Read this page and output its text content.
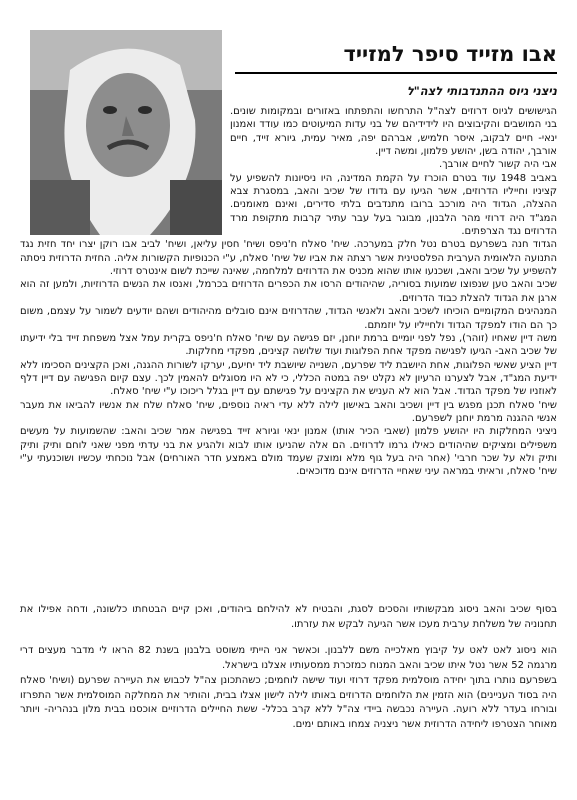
אבו מזייד סיפר למזייד
ניצני גיוס ההתנדבותי לצה"ל

הגישושים לגיוס דרוזים לצה"ל התרחשו והתפתחו באזורים ובמקומות שונים. בני המושבים והקיבוצים היו לידידיהם של בני עדות המיעוטים כמו עודד ואמנון ינאי- חיים לבקוב, איסר חלמיש, אברהם יפה, מאיר עמית, גיורא זייד, חיים אורבך, יהודה בשן, יהושע פלמון, ומשה דיין.

אבי היה קשור לחיים אורבך.

באביב 1948 עוד בטרם הוכרז על הקמת המדינה, היו ניסיונות להשפיע על קציניו וחייליו הדרוזים, אשר הגיעו עם גדודו של שכיב והאב, במסגרת צבא ההצלה, הגדוד היה מורכב ברובו מתנדבים בלתי סדירים, ואינם מאומנים. המג"ד היה דרוזי מהר הלבנון, מבוגר בעל עבר עתיר קרבות מתקופת מרד הדרוזים נגד הצרפתים.

הגדוד חנה בשפרעם בטרם נטל חלק במערכה. שיח' סאלח ח'ניפס ושיח' חסין עליאן, ושיח' לביב אבו רוקן יצרו יחד חזית נגד התנועה הלאומית הערבית הפלסטינית אשר רצתה את אביו של שיח' סאלח, ע"י הכנופיות הקשורות אליה. החזית הדרוזית ניסתה להשפיע על שכיב והאב, ושכנעו אותו שהוא מכניס את הדרוזים למלחמה, שאינה שייכת לשום אינטרס דרוזי.

שכיב והאב טען שנפוצו שמועות בסוריה, שהיהודים הרסו את הכפרים הדרוזים בכרמל, ואנסו את הנשים הדרוזיות, ולמען זה הוא ארגן את הגדוד להצלת כבוד הדרוזים.

המנהיגים המקומיים הוכיחו לשכיב והאב ולאנשי הגדוד, שהדרוזים אינם סובלים מהיהודים ושהם יודעים לשמור על עצמם, משום כך הם הודו למפקד הגדוד ולחייליו על יוזמתם.

משה דיין שאחיו (זוהר), נפל לפני יומיים ברמת יוחנן, יזם פגישה עם שיח' סאלח ח'ניפס בקרית עמל אצל משפחת זייד בלי ידיעתו של שכיב האב- הגיעו לפגישה מפקד אחת הפלוגות ועוד שלושה קצינים, מפקדי מחלקות.

דיין הציע שאשי הפלוגות, אחת היושבת ליד שפרעם, השנייה שיושבת ליד יחיעם, יערקו לשורות ההגנה, ואכן הקצינים הסכימו ללא ידיעת המג"ד, אבל לצערנו הרעיון לא נקלט יפה במטה הכללי, כי לא היו מסוגלים להאמין לכך. עצם קיום הפגישה עם דיין דלף לאוזניו של מפקד הגדוד. אבל הוא לא העניש את הקצינים על פגישתם עם דיין בגלל ריכוכו ע"י שיח' סאלח.

שיח' סאלח תכנן מפגש בין דיין ושכיב והאב באישון לילה ללא עדי ראיה נוספים, שיח' סאלח שלח את אנשיו להביאו את מעבר אנשי ההגנה מרמת יוחנן לשפרעם.

ניציני המחלקות היו יהושע פלמון (שאבי הכיר אותו) אמנון ינאי וגיורא זייד בפגישה אמר שכיב והאב: שהשמועות על מעשים משפילים ומציקים שהיהודים כאילו גרמו לדרוזים. הם אלה שהניעו אותו לבוא ולהגיע את בני עדתי מפני שאני לוחם ותיק ותיק ותיק ולא על שכר חרבי' (אחר היה בעל גוף מלא ומוצק שעמד מולם באמצע חדר האורחים) אבל נוכחתי עכשיו ושוכנעתי ע"י שיח' סאלח, וראיתי במראה עיני שאחיי הדרוזים אינם מדוכאים.

בסוף שכיב והאב ניסוג מבקשותיו והסכים לסגת, והבטיח לא להילחם ביהודים, ואכן קיים הבטחתו כלשונה, ודחה אפילו את תחנוניה של משלחת ערבית מעכו אשר הגיעה לבקש את עזרתו.

הוא ניסוג לאט לאט על קיבוץ מאלכייה משם ללבנון. וכאשר אני הייתי משוסט בלבנון בשנת 82 הראו לי מדבר מעצים דרי מרגמה 52 אשר נטל איתו שכיב והאב המנוח כמזכרת ממסעותיו אצלנו בישראל.

בשפרעם נותרו בתוך יחידה מוסלמית מפקד דרוזי ועוד שישה לוחמים; כשהתכונן צה"ל לכבוש את העיירה שפרעם (ושיח' סאלח היה בסוד העניינים) הוא הזמין את הלוחמים הדרוזים באותו לילה לישון אצלו בבית, והותיר את המחלקה המוסלמית אשר התפרזו ובורחו בעדר ללא רועה. העיירה נכבשה ביידי צה"ל ללא קרב בכלל- ששת החיילים הדרוזיים אוכסנו בבית מלון בנהריה- ויותר מאוחר הצטרפו ליחידה הדרוזית אשר ניצניה צמחו באותם ימים.
